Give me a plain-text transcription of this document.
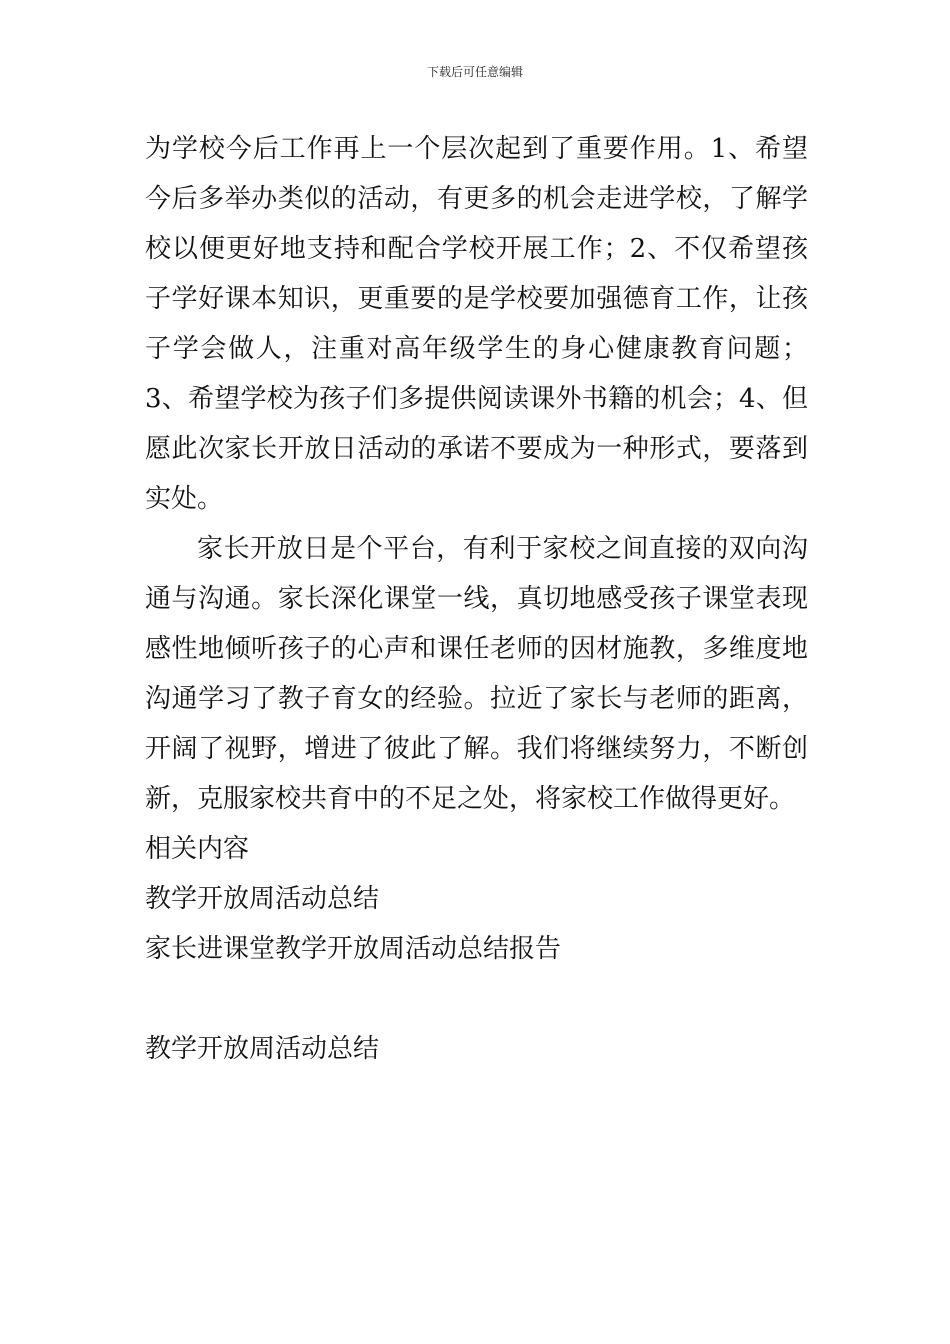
下载后可任意编辑

为学校今后工作再上一个层次起到了重要作用。1、希望今后多举办类似的活动，有更多的机会走进学校，了解学校以便更好地支持和配合学校开展工作；2、不仅希望孩子学好课本知识，更重要的是学校要加强德育工作，让孩子学会做人，注重对高年级学生的身心健康教育问题；3、希望学校为孩子们多提供阅读课外书籍的机会；4、但愿此次家长开放日活动的承诺不要成为一种形式，要落到实处。

家长开放日是个平台，有利于家校之间直接的双向沟通与沟通。家长深化课堂一线，真切地感受孩子课堂表现感性地倾听孩子的心声和课任老师的因材施教，多维度地沟通学习了教子育女的经验。拉近了家长与老师的距离，开阔了视野，增进了彼此了解。我们将继续努力，不断创新，克服家校共育中的不足之处，将家校工作做得更好。

相关内容

教学开放周活动总结

家长进课堂教学开放周活动总结报告

教学开放周活动总结
